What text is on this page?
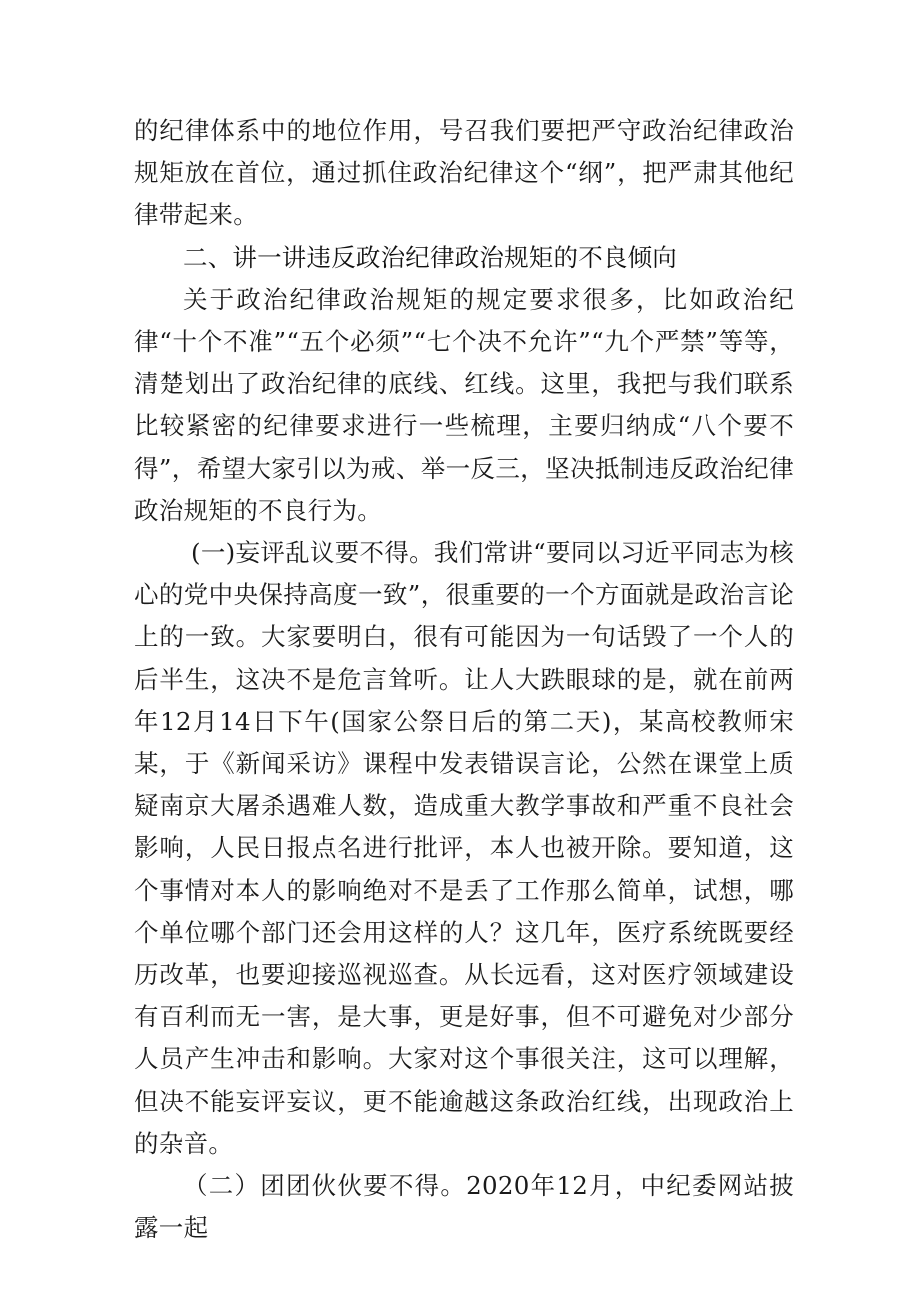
的纪律体系中的地位作用，号召我们要把严守政治纪律政治规矩放在首位，通过抓住政治纪律这个“纲”，把严肃其他纪律带起来。

二、讲一讲违反政治纪律政治规矩的不良倾向

关于政治纪律政治规矩的规定要求很多，比如政治纪律“十个不准”“五个必须”“七个决不允许”“九个严禁”等等，清楚划出了政治纪律的底线、红线。这里，我把与我们联系比较紧密的纪律要求进行一些梳理，主要归纳成“八个要不得”，希望大家引以为戒、举一反三，坚决抵制违反政治纪律政治规矩的不良行为。

(一)妄评乱议要不得。我们常讲“要同以习近平同志为核心的党中央保持高度一致”，很重要的一个方面就是政治言论上的一致。大家要明白，很有可能因为一句话毁了一个人的后半生，这决不是危言耸听。让人大跌眼球的是，就在前两年12月14日下午(国家公祭日后的第二天)，某高校教师宋某，于《新闻采访》课程中发表错误言论，公然在课堂上质疑南京大屠杀遇难人数，造成重大教学事故和严重不良社会影响，人民日报点名进行批评，本人也被开除。要知道，这个事情对本人的影响绝对不是丢了工作那么简单，试想，哪个单位哪个部门还会用这样的人？这几年，医疗系统既要经历改革，也要迎接巡视巡查。从长远看，这对医疗领域建设有百利而无一害，是大事，更是好事，但不可避免对少部分人员产生冲击和影响。大家对这个事很关注，这可以理解，但决不能妄评妄议，更不能逾越这条政治红线，出现政治上的杂音。

（二）团团伙伙要不得。2020年12月，中纪委网站披露一起
